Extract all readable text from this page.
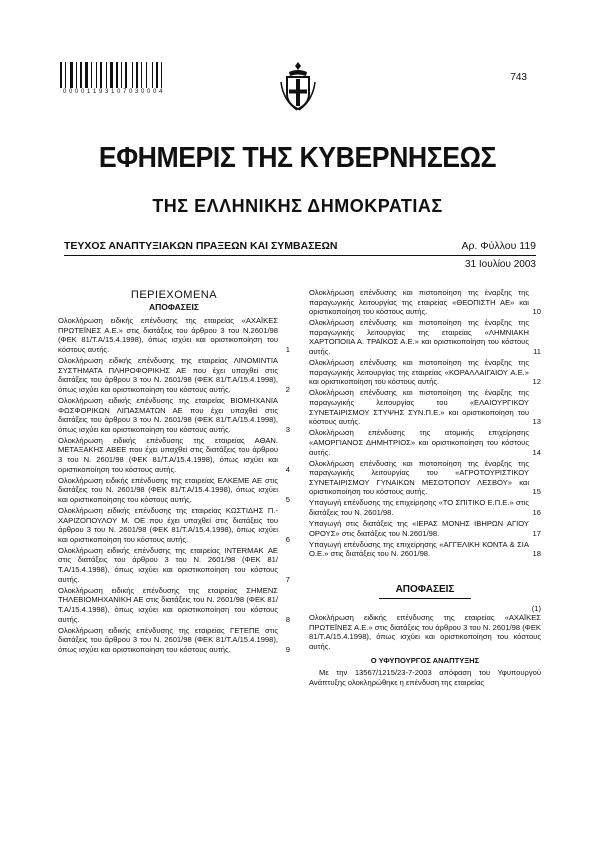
0 0 0 0 1 1 9 3 1 0 7 0 3 0 0 0 4
743
ΕΦΗΜΕΡΙΣ ΤΗΣ ΚΥΒΕΡΝΗΣΕΩΣ
ΤΗΣ ΕΛΛΗΝΙΚΗΣ ΔΗΜΟΚΡΑΤΙΑΣ
ΤΕΥΧΟΣ ΑΝΑΠΤΥΞΙΑΚΩΝ ΠΡΑΞΕΩΝ ΚΑΙ ΣΥΜΒΑΣΕΩΝ	Αρ. Φύλλου 119
31 Ιουλίου 2003
ΠΕΡΙΕΧΟΜΕΝΑ
ΑΠΟΦΑΣΕΙΣ
Ολοκλήρωση ειδικής επένδυσης της εταιρείας «ΑΧΑΪΚΕΣ ΠΡΩΤΕΪΝΕΣ Α.Ε.» στις διατάξεις του άρθρου 3 του Ν.2601/98 (ΦΕΚ 81/Τ.Α/15.4.1998), όπως ισχύει και οριστικοποίηση του κόστους αυτής.	1
Ολοκλήρωση ειδικής επένδυσης της εταιρείας ΛΙΝΟΜΙΝΤΙΑ ΣΥΣΤΗΜΑΤΑ ΠΛΗΡΟΦΟΡΙΚΗΣ ΑΕ που έχει υπαχθεί στις διατάξεις του άρθρου 3 του Ν. 2601/98 (ΦΕΚ 81/Τ.Α/15.4.1998), όπως ισχύει και οριστικοποίηση του κόστους αυτής.	2
Ολοκλήρωση ειδικής επένδυσης της εταιρείας ΒΙΟΜΗΧΑΝΙΑ ΦΩΣΦΟΡΙΚΩΝ ΛΙΠΑΣΜΑΤΩΝ ΑΕ που έχει υπαχθεί στις διατάξεις του άρθρου 3 του Ν. 2601/98 (ΦΕΚ 81/Τ.Α/15.4.1998), όπως ισχύει και οριστικοποίηση του κόστους αυτής.	3
Ολοκλήρωση ειδικής επένδυσης της εταιρείας ΑΘΑΝ. ΜΕΤΑΞΑΚΗΣ ΑΒΕΕ που έχει υπαχθεί στις διατάξεις του άρθρου 3 του Ν. 2601/98 (ΦΕΚ 81/Τ.Α/15.4.1998), όπως ισχύει και οριστικοποίηση του κόστους αυτής.	4
Ολοκλήρωση ειδικής επένδυσης της εταιρείας ΕΛΚΕΜΕ ΑΕ στις διατάξεις του Ν. 2601/98 (ΦΕΚ 81/Τ.Α/15.4.1998), όπως ισχύει και οριστικοποίησης του κόστους αυτής.	5
Ολοκλήρωση ειδικής επένδυσης της εταιρείας ΚΩΣΤΙΔΗΣ Π.-ΧΑΡΙΖΟΠΟΥΛΟΥ Μ. ΟΕ που έχει υπαχθεί στις διατάξεις του άρθρου 3 του Ν. 2601/98 (ΦΕΚ 81/Τ.Α/15.4.1998), όπως ισχύει και οριστικοποίηση του κόστους αυτής.	6
Ολοκλήρωση ειδικής επένδυσης της εταιρείας INTERMAK ΑΕ στις διατάξεις του άρθρου 3 του Ν. 2601/98 (ΦΕΚ 81/Τ.Α/15.4.1998), όπως ισχύει και οριστικοποίηση του κόστους αυτής.	7
Ολοκλήρωση ειδικής επένδυσης της εταιρείας ΣΗΜΕΝΣ ΤΗΛΕΒΙΟΜΗΧΑΝΙΚΗ ΑΕ στις διατάξεις του Ν. 2601/98 (ΦΕΚ 81/Τ.Α/15.4.1998), όπως ισχύει και οριστικοποίηση του κόστους αυτής.	8
Ολοκλήρωση ειδικής επένδυσης της εταιρείας ΓΕΤΕΠΕ στις διατάξεις του άρθρου 3 του Ν. 2601/98 (ΦΕΚ 81/Τ.Α/15.4.1998), όπως ισχύει και οριστικοποίηση του κόστους αυτής.	9
Ολοκλήρωση επένδυσης και πιστοποίηση της έναρξης της παραγωγικής λειτουργίας της εταιρείας «ΘΕΟΠΙΣΤΗ ΑΕ» και οριστικοποίηση του κόστους αυτής.	10
Ολοκλήρωση επένδυσης και πιστοποίηση της έναρξης της παραγωγικής λειτουργίας της εταιρείας «ΛΗΜΝΙΑΚΗ ΧΑΡΤΟΠΟΙΙΑ Α. ΤΡΑΪΚΟΣ Α.Ε.» και οριστικοποίηση του κόστους αυτής.	11
Ολοκλήρωση επένδυσης και πιστοποίηση της έναρξης της παραγωγικής λειτουργίας της εταιρείας «ΚΟΡΑΛΛΑΙΓΑΙΟΥ Α.Ε.» και οριστικοποίηση του κόστους αυτής.	12
Ολοκλήρωση επένδυσης και πιστοποίηση της έναρξης της παραγωγικής λειτουργίας του «ΕΛΑΙΟΥΡΓΙΚΟΥ ΣΥΝΕΤΑΙΡΙΣΜΟΥ ΣΤΥΨΗΣ ΣΥΝ.Π.Ε.» και οριστικοποίηση του κόστους αυτής.	13
Ολοκλήρωση επένδυσης της ατομικής επιχείρησης «ΑΜΟΡΓΙΑΝΟΣ ΔΗΜΗΤΡΙΟΣ» και οριστικοποίηση του κόστους αυτής.	14
Ολοκλήρωση επένδυσης και πιστοποίηση της έναρξης της παραγωγικής λειτουργίας του «ΑΓΡΟΤΟΥΡΙΣΤΙΚΟΥ ΣΥΝΕΤΑΙΡΙΣΜΟΥ ΓΥΝΑΙΚΩΝ ΜΕΣΟΤΟΠΟΥ ΛΕΣΒΟΥ» και οριστικοποίηση του κόστους αυτής.	15
Υπαγωγή επένδυσης της επιχείρησης «ΤΟ ΣΠΙΤΙΚΟ Ε.Π.Ε.» στις διατάξεις του Ν. 2601/98.	16
Υπαγωγή στις διατάξεις της «ΙΕΡΑΣ ΜΟΝΗΣ ΙΒΗΡΩΝ ΑΓΙΟΥ ΟΡΟΥΣ» στις διατάξεις του Ν.2601/98.	17
Υπαγωγή επένδυσης της επιχείρησης «ΑΓΓΕΛΙΚΗ ΚΟΝΤΑ & ΣΙΑ Ο.Ε.» στις διατάξεις του Ν. 2601/98.	18
ΑΠΟΦΑΣΕΙΣ
(1)
Ολοκλήρωση ειδικής επένδυσης της εταιρείας «ΑΧΑΪΚΕΣ ΠΡΩΤΕΪΝΕΣ Α.Ε.» στις διατάξεις του άρθρου 3 του Ν. 2601/98 (ΦΕΚ 81/Τ.Α/15.4.1998), όπως ισχύει και οριστικοποίηση του κόστους αυτής.
Ο ΥΦΥΠΟΥΡΓΟΣ ΑΝΑΠΤΥΞΗΣ
Με την 13567/1215/23-7-2003 απόφαση του Υφυπουργού Ανάπτυξης ολοκληρώθηκε η επένδυση της εταιρείας
